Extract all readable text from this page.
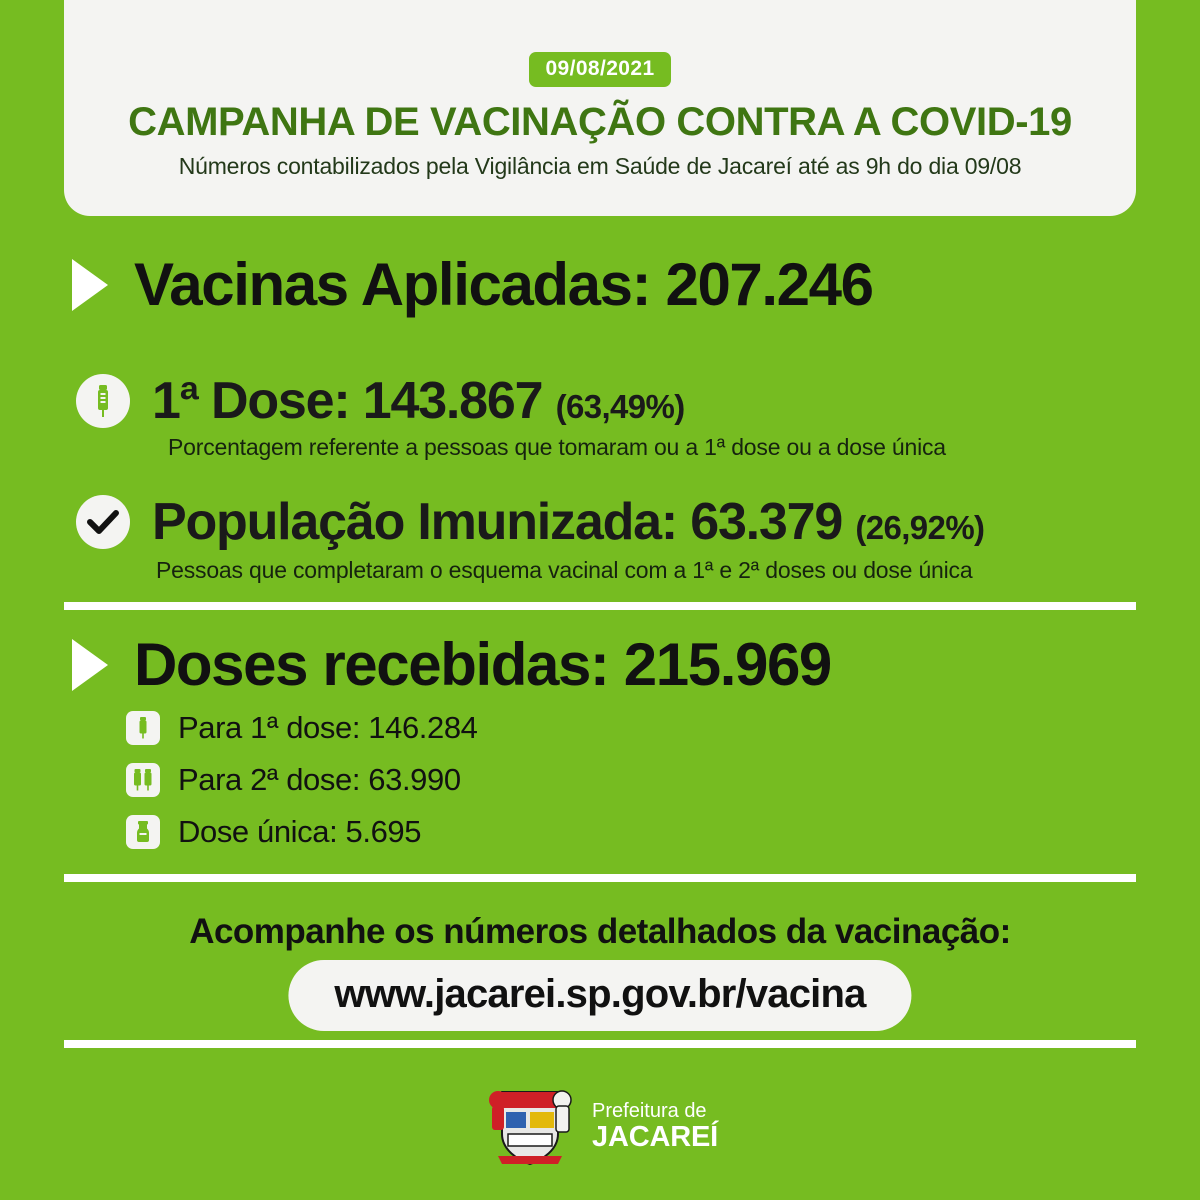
09/08/2021
CAMPANHA DE VACINAÇÃO CONTRA A COVID-19
Números contabilizados pela Vigilância em Saúde de Jacareí até as 9h do dia 09/08
Vacinas Aplicadas: 207.246
1ª Dose: 143.867 (63,49%)
Porcentagem referente a pessoas que tomaram ou a 1ª dose ou a dose única
População Imunizada: 63.379 (26,92%)
Pessoas que completaram o esquema vacinal com a 1ª e 2ª doses ou dose única
Doses recebidas: 215.969
Para 1ª dose: 146.284
Para 2ª dose: 63.990
Dose única: 5.695
Acompanhe os números detalhados da vacinação:
www.jacarei.sp.gov.br/vacina
Prefeitura de
JACAREÍ
